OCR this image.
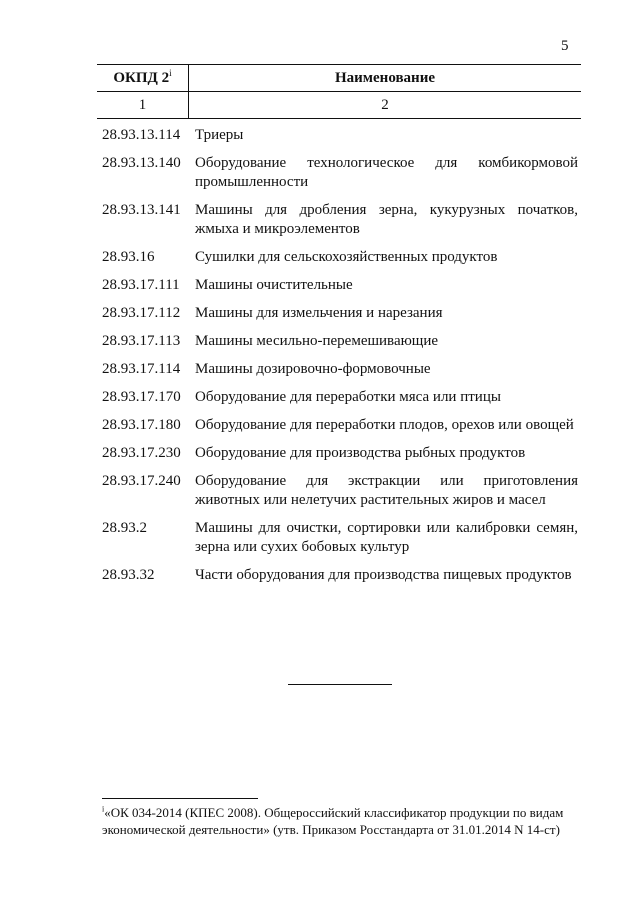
5
ОКПД 2$^i$	Наименование
1	2
28.93.13.114 Триеры
28.93.13.140 Оборудование технологическое для комбикормовой промышленности
28.93.13.141 Машины для дробления зерна, кукурузных початков, жмыха и микроэлементов
28.93.16	Сушилки для сельскохозяйственных продуктов
28.93.17.111	Машины очистительные
28.93.17.112 Машины для измельчения и нарезания
28.93.17.113 Машины месильно-перемешивающие
28.93.17.114 Машины дозировочно-формовочные
28.93.17.170 Оборудование для переработки мяса или птицы
28.93.17.180 Оборудование для переработки плодов, орехов или овощей
28.93.17.230 Оборудование для производства рыбных продуктов
28.93.17.240 Оборудование для экстракции или приготовления животных или нелетучих растительных жиров и масел
28.93.2	Машины для очистки, сортировки или калибровки семян, зерна или сухих бобовых культур
28.93.32	Части оборудования для производства пищевых продуктов
$^i$«ОК 034-2014 (КПЕС 2008). Общероссийский классификатор продукции по видам экономической деятельности» (утв. Приказом Росстандарта от 31.01.2014 N 14-ст)
